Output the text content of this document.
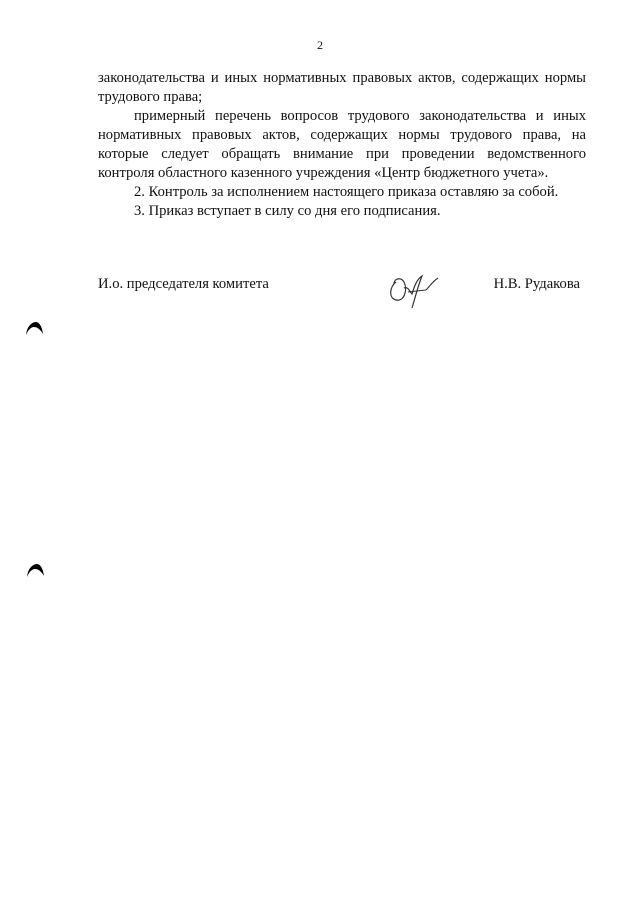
2

законодательства и иных нормативных правовых актов, содержащих нормы трудового права;

примерный перечень вопросов трудового законодательства и иных нормативных правовых актов, содержащих нормы трудового права, на которые следует обращать внимание при проведении ведомственного контроля областного казенного учреждения «Центр бюджетного учета».

2. Контроль за исполнением настоящего приказа оставляю за собой.

3. Приказ вступает в силу со дня его подписания.

И.о. председателя комитета	Н.В. Рудакова
